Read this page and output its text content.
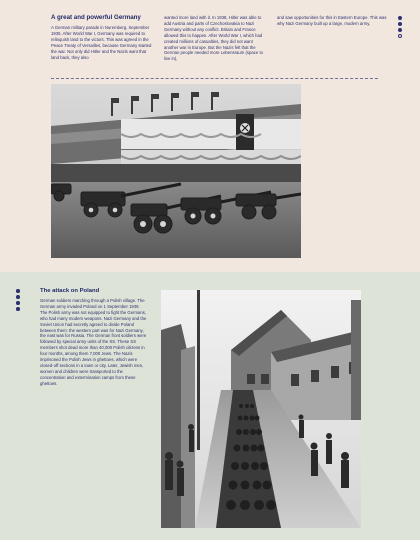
A great and powerful Germany
A German military parade in Nuremberg, September 1935. After World War I, Germany was required to relinquish land to the victors. This was agreed in the Peace Treaty of Versailles, because Germany started the war. Not only did Hitler and the Nazis want that land back, they also
wanted more land with it. In 1938, Hitler was able to add Austria and parts of Czechoslovakia to Nazi Germany without any conflict. Britain and France allowed this to happen. After World War I, which had created millions of casualties, they did not want another war in Europe. But the Nazis felt that the German people needed more Lebensraum (space to live in),
and saw opportunities for this in Eastern Europe. This was why Nazi Germany built up a large, modern army.
The attack on Poland
German soldiers marching through a Polish village. The German army invaded Poland on 1 September 1939. The Polish army was not equipped to fight the Germans, who had many modern weapons. Nazi Germany and the Soviet Union had secretly agreed to divide Poland between them: the western part was for Nazi Germany, the east was for Russia. The German front soldiers were followed by special army units of the SS. These SS members shot dead more than 40,000 Polish citizens in four months, among them 7,000 Jews. The Nazis imprisoned the Polish Jews in ghettoes, which were closed-off sections in a town or city. Later, Jewish men, women and children were transported to the concentration and extermination camps from these ghettoes.
